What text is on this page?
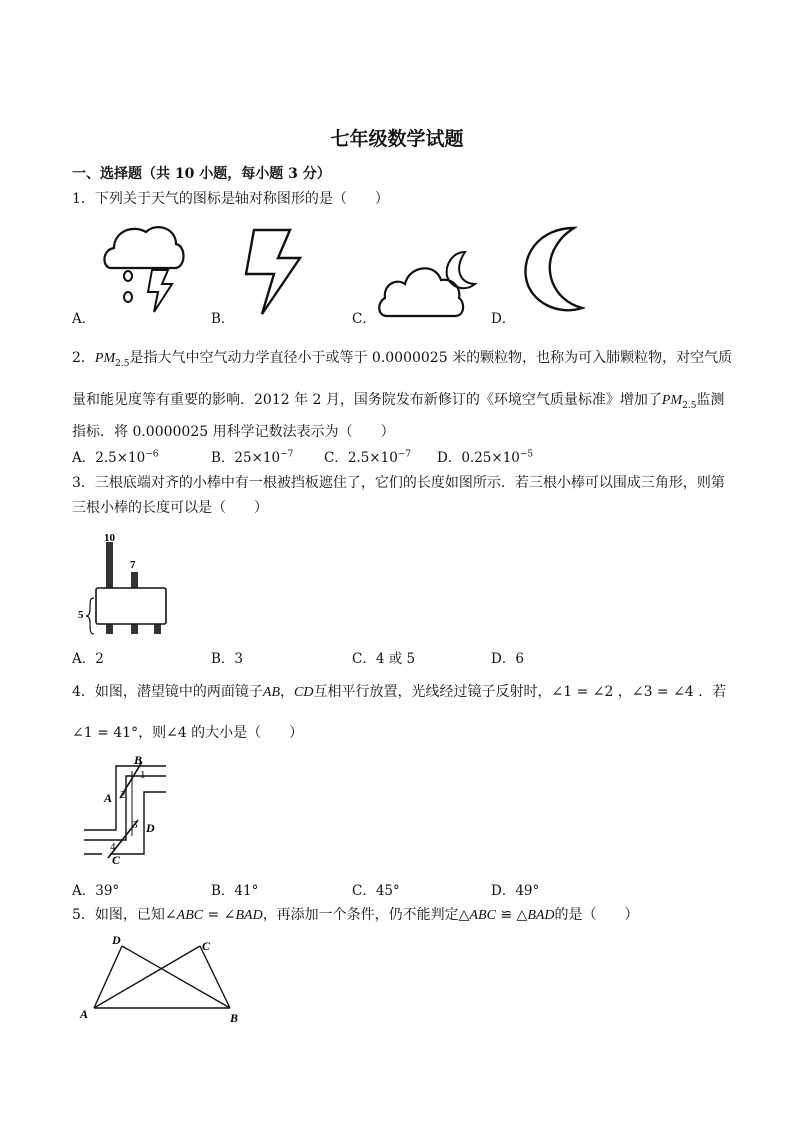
七年级数学试题
一、选择题（共 10 小题，每小题 3 分）
1．下列关于天气的图标是轴对称图形的是（　　）
A．	B．	C．	D．
2．$PM_{2.5}$是指大气中空气动力学直径小于或等于 0.0000025 米的颗粒物，也称为可入肺颗粒物，对空气质
量和能见度等有重要的影响．2012 年 2 月，国务院发布新修订的《环境空气质量标准》增加了$PM_{2.5}$监测
指标．将 0.0000025 用科学记数法表示为（　　）
A．$2.5\times 10^{-6}$	B．$25\times 10^{-7}$ C．$2.5\times 10^{-7}$ D．$0.25\times 10^{-5}$
3．三根底端对齐的小棒中有一根被挡板遮住了，它们的长度如图所示．若三根小棒可以围成三角形，则第
三根小棒的长度可以是（　　）
10
7
5
A．2	B．3	C．4 或 5	D．6
4．如图，潜望镜中的两面镜子AB，CD互相平行放置，光线经过镜子反射时，∠1 = ∠2 ，∠3 = ∠4 ．若
∠1 = 41°，则∠4 的大小是（　　）
B
1
A 2
3 D
4
C
A．39°	B．41°	C．45°	D．49°
5．如图，已知∠ABC = ∠BAD，再添加一个条件，仍不能判定△ABC ≌ △BAD的是（　　）
D	C
A	B
